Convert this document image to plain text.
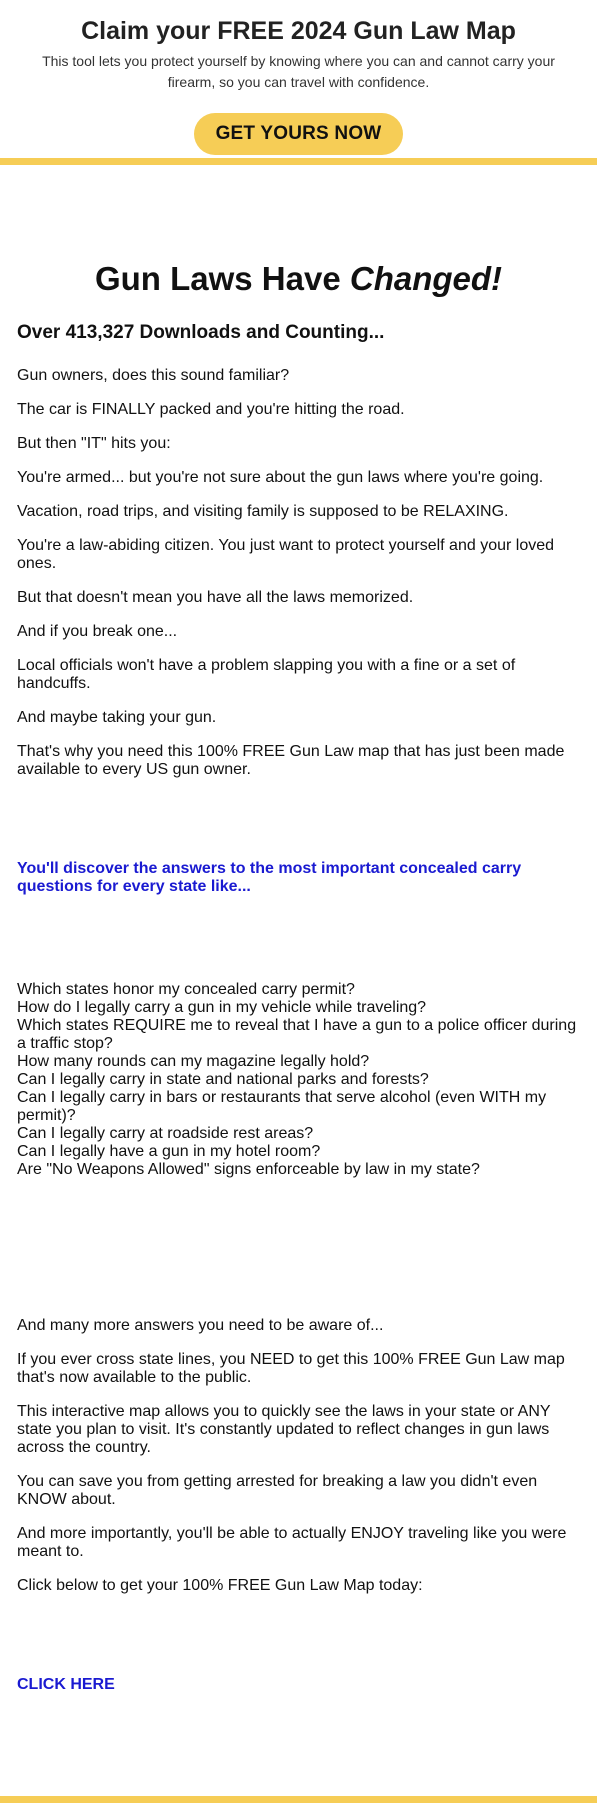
Claim your FREE 2024 Gun Law Map
This tool lets you protect yourself by knowing where you can and cannot carry your firearm, so you can travel with confidence.
GET YOURS NOW
Gun Laws Have Changed!
Over 413,327 Downloads and Counting...
Gun owners, does this sound familiar?
The car is FINALLY packed and you're hitting the road.
But then "IT" hits you:
You're armed... but you're not sure about the gun laws where you're going.
Vacation, road trips, and visiting family is supposed to be RELAXING.
You're a law-abiding citizen. You just want to protect yourself and your loved ones.
But that doesn't mean you have all the laws memorized.
And if you break one...
Local officials won't have a problem slapping you with a fine or a set of handcuffs.
And maybe taking your gun.
That's why you need this 100% FREE Gun Law map that has just been made available to every US gun owner.
You'll discover the answers to the most important concealed carry questions for every state like...
Which states honor my concealed carry permit?
How do I legally carry a gun in my vehicle while traveling?
Which states REQUIRE me to reveal that I have a gun to a police officer during a traffic stop?
How many rounds can my magazine legally hold?
Can I legally carry in state and national parks and forests?
Can I legally carry in bars or restaurants that serve alcohol (even WITH my permit)?
Can I legally carry at roadside rest areas?
Can I legally have a gun in my hotel room?
Are "No Weapons Allowed" signs enforceable by law in my state?
And many more answers you need to be aware of...
If you ever cross state lines, you NEED to get this 100% FREE Gun Law map that's now available to the public.
This interactive map allows you to quickly see the laws in your state or ANY state you plan to visit. It's constantly updated to reflect changes in gun laws across the country.
You can save you from getting arrested for breaking a law you didn't even KNOW about.
And more importantly, you'll be able to actually ENJOY traveling like you were meant to.
Click below to get your 100% FREE Gun Law Map today:
CLICK HERE
